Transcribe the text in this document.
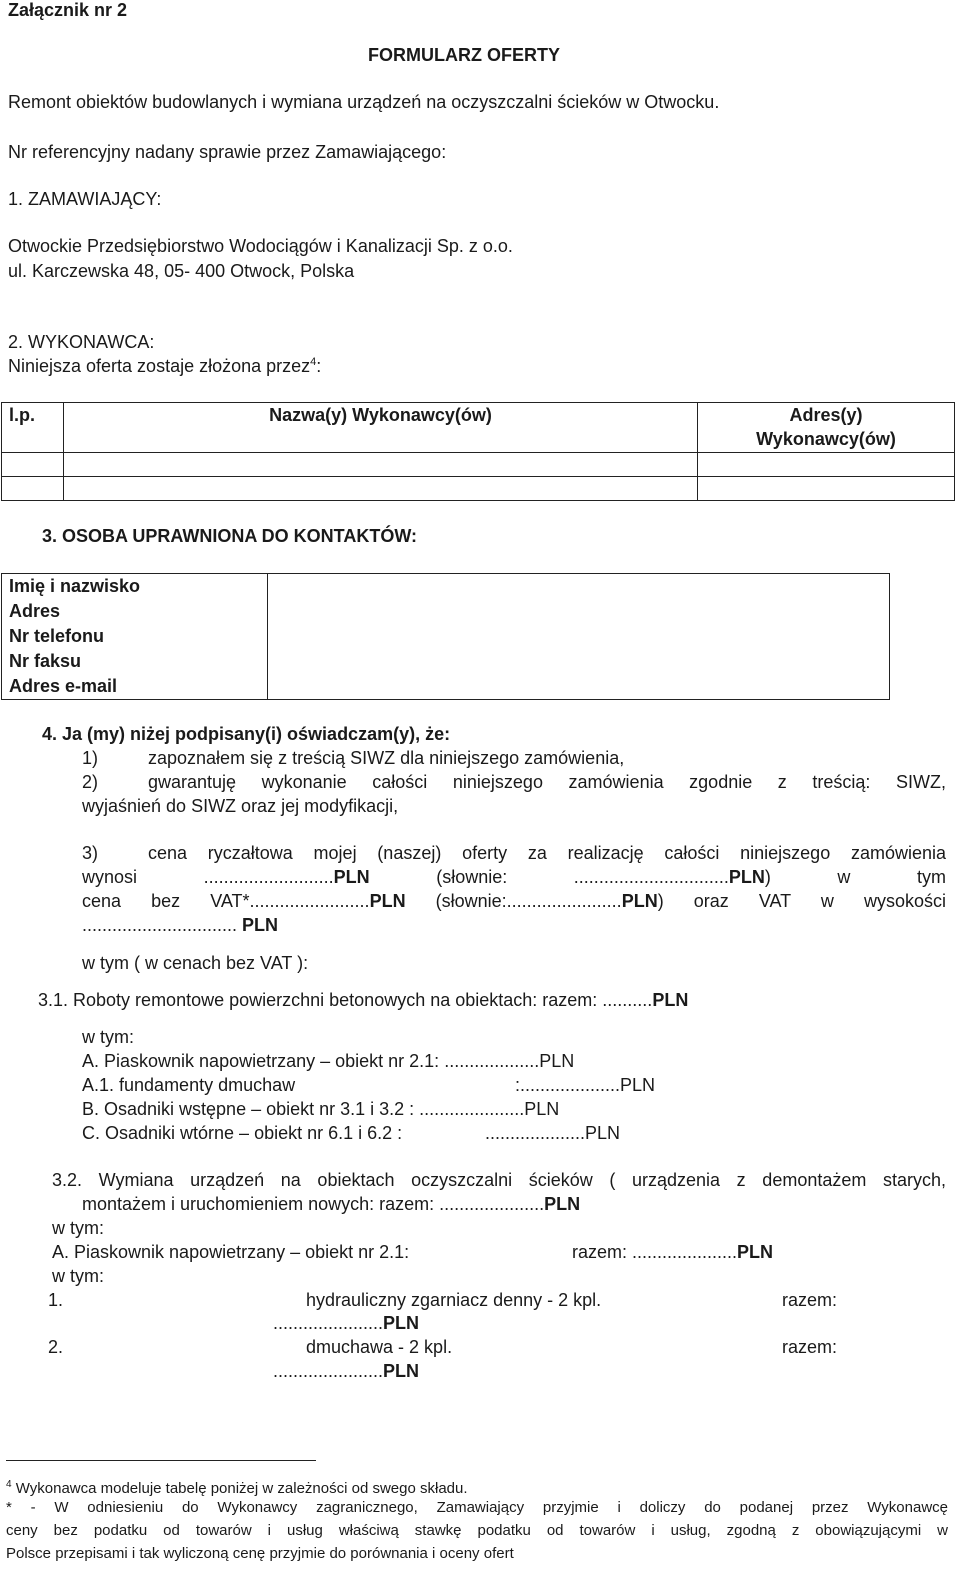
Załącznik nr 2
FORMULARZ OFERTY
Remont obiektów budowlanych i wymiana urządzeń na oczyszczalni ścieków w Otwocku.
Nr referencyjny nadany sprawie przez Zamawiającego:
1. ZAMAWIAJĄCY:
Otwockie Przedsiębiorstwo Wodociągów i Kanalizacji Sp. z o.o.
ul. Karczewska 48, 05- 400 Otwock, Polska
2. WYKONAWCA:
Niniejsza oferta zostaje złożona przez$^4$:
l.p.	Nazwa(y) Wykonawcy(ów)	Adres(y)
Wykonawcy(ów)

3. OSOBA UPRAWNIONA DO KONTAKTÓW:
Imię i nazwisko
Adres
Nr telefonu
Nr faksu
Adres e-mail

4. Ja (my) niżej podpisany(i) oświadczam(y), że:
1)	zapoznałem się z treścią SIWZ dla niniejszego zamówienia,
2)	gwarantuję wykonanie całości niniejszego zamówienia zgodnie z treścią: SIWZ,
wyjaśnień do SIWZ oraz jej modyfikacji,
3)	cena ryczałtowa mojej (naszej) oferty za realizację całości niniejszego zamówienia
wynosi ..........................PLN (słownie: ...............................PLN) w tym
cena bez VAT*........................PLN (słownie:.......................PLN) oraz VAT w wysokości
............................... PLN
w tym ( w cenach bez VAT ):
3.1. Roboty remontowe powierzchni betonowych na obiektach: razem: ..........PLN
w tym:
A. Piaskownik napowietrzany – obiekt nr 2.1: ...................PLN
A.1. fundamenty dmuchaw	:....................PLN
B. Osadniki wstępne – obiekt nr 3.1 i 3.2 : .....................PLN
C. Osadniki wtórne – obiekt nr 6.1 i 6.2 :	....................PLN
3.2. Wymiana urządzeń na obiektach oczyszczalni ścieków ( urządzenia z demontażem starych,
montażem i uruchomieniem nowych: razem: .....................PLN
w tym:
A. Piaskownik napowietrzany – obiekt nr 2.1:	razem: .....................PLN
w tym:
1.	hydrauliczny zgarniacz denny - 2 kpl.	razem:
......................PLN
2.	dmuchawa - 2 kpl.	razem:
......................PLN
$^4$ Wykonawca modeluje tabelę poniżej w zależności od swego składu.
* - W odniesieniu do Wykonawcy zagranicznego, Zamawiający przyjmie i doliczy do podanej przez Wykonawcę
ceny bez podatku od towarów i usług właściwą stawkę podatku od towarów i usług, zgodną z obowiązującymi w
Polsce przepisami i tak wyliczoną cenę przyjmie do porównania i oceny ofert
